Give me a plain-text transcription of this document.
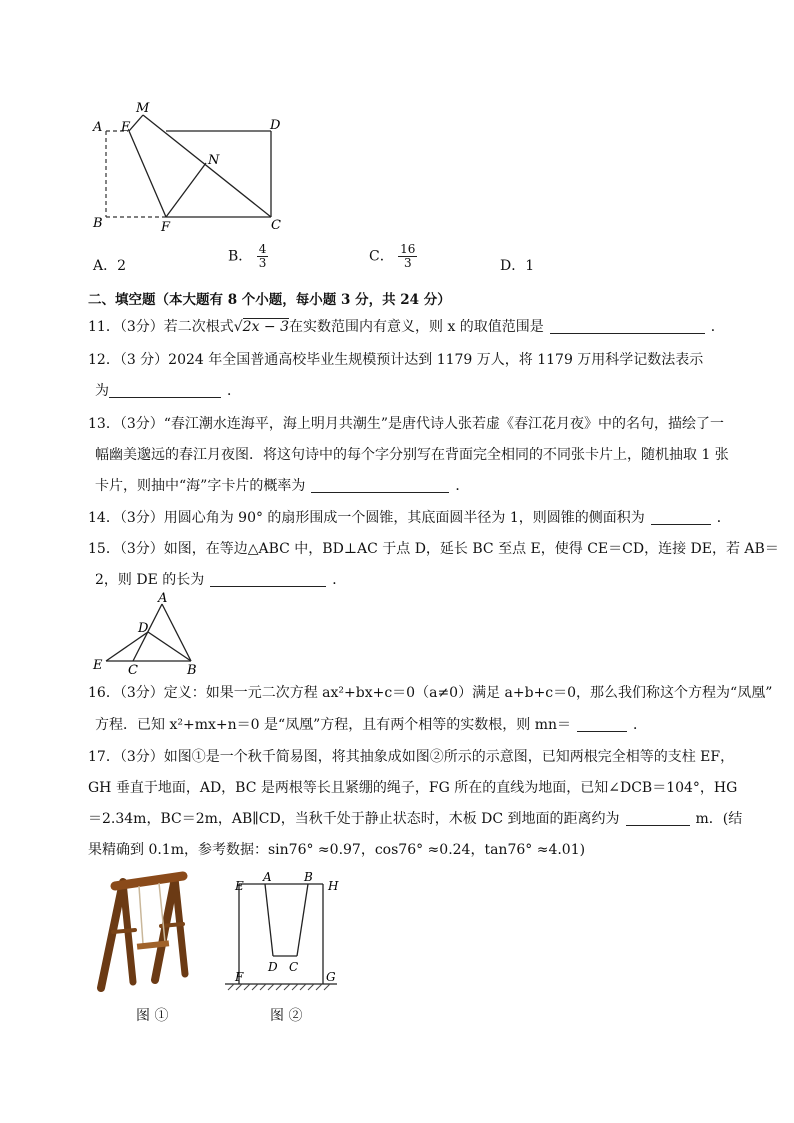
M
A E	D
N
B	F	C
A．2
B． $\frac{4}{3}$	C． $\frac{16}{3}$	D．1
二、填空题（本大题有 8 个小题，每小题 3 分，共 24 分）
11．（3分）若二次根式√2x − 3在实数范围内有意义，则 x 的取值范围是	．
12．（3 分）2024 年全国普通高校毕业生规模预计达到 1179 万人，将 1179 万用科学记数法表示
为	．
13．（3分）“春江潮水连海平，海上明月共潮生”是唐代诗人张若虚《春江花月夜》中的名句，描绘了一
幅幽美邈远的春江月夜图．将这句诗中的每个字分别写在背面完全相同的不同张卡片上，随机抽取 1 张
卡片，则抽中“海”字卡片的概率为	．
14．（3分）用圆心角为 90° 的扇形围成一个圆锥，其底面圆半径为 1，则圆锥的侧面积为	．
15．（3分）如图，在等边△ABC 中，BD⊥AC 于点 D，延长 BC 至点 E，使得 CE＝CD，连接 DE，若 AB＝
2，则 DE 的长为	．
A
D
E C	B
16．（3分）定义：如果一元二次方程 ax²+bx+c＝0（a≠0）满足 a+b+c＝0，那么我们称这个方程为“凤凰”
方程．已知 x²+mx+n＝0 是“凤凰”方程，且有两个相等的实数根，则 mn＝	．
17．（3分）如图①是一个秋千简易图，将其抽象成如图②所示的示意图，已知两根完全相等的支柱 EF，
GH 垂直于地面，AD，BC 是两根等长且紧绷的绳子，FG 所在的直线为地面，已知∠DCB＝104°，HG
＝2.34m，BC＝2m，AB∥CD，当秋千处于静止状态时，木板 DC 到地面的距离约为	m．(结
果精确到 0.1m，参考数据：sin76° ≈0.97，cos76° ≈0.24，tan76° ≈4.01)
图 ①
E
A	B
H
F
D C
G
图 ②
